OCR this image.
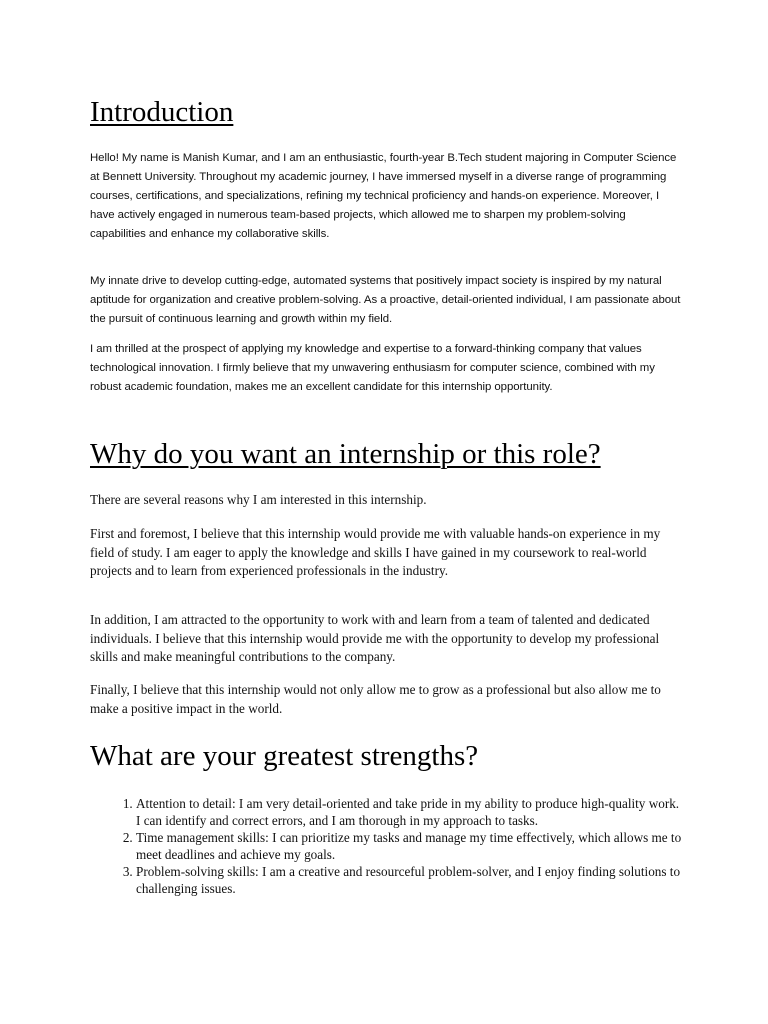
Introduction

Hello! My name is Manish Kumar, and I am an enthusiastic, fourth-year B.Tech student majoring in Computer Science at Bennett University. Throughout my academic journey, I have immersed myself in a diverse range of programming courses, certifications, and specializations, refining my technical proficiency and hands-on experience. Moreover, I have actively engaged in numerous team-based projects, which allowed me to sharpen my problem-solving capabilities and enhance my collaborative skills.

My innate drive to develop cutting-edge, automated systems that positively impact society is inspired by my natural aptitude for organization and creative problem-solving. As a proactive, detail-oriented individual, I am passionate about the pursuit of continuous learning and growth within my field.

I am thrilled at the prospect of applying my knowledge and expertise to a forward-thinking company that values technological innovation. I firmly believe that my unwavering enthusiasm for computer science, combined with my robust academic foundation, makes me an excellent candidate for this internship opportunity.

Why do you want an internship or this role?

There are several reasons why I am interested in this internship.

First and foremost, I believe that this internship would provide me with valuable hands-on experience in my field of study. I am eager to apply the knowledge and skills I have gained in my coursework to real-world projects and to learn from experienced professionals in the industry.

In addition, I am attracted to the opportunity to work with and learn from a team of talented and dedicated individuals. I believe that this internship would provide me with the opportunity to develop my professional skills and make meaningful contributions to the company.

Finally, I believe that this internship would not only allow me to grow as a professional but also allow me to make a positive impact in the world.

What are your greatest strengths?
1. Attention to detail: I am very detail-oriented and take pride in my ability to produce high-quality work. I can identify and correct errors, and I am thorough in my approach to tasks.
2. Time management skills: I can prioritize my tasks and manage my time effectively, which allows me to meet deadlines and achieve my goals.
3. Problem-solving skills: I am a creative and resourceful problem-solver, and I enjoy finding solutions to challenging issues.
